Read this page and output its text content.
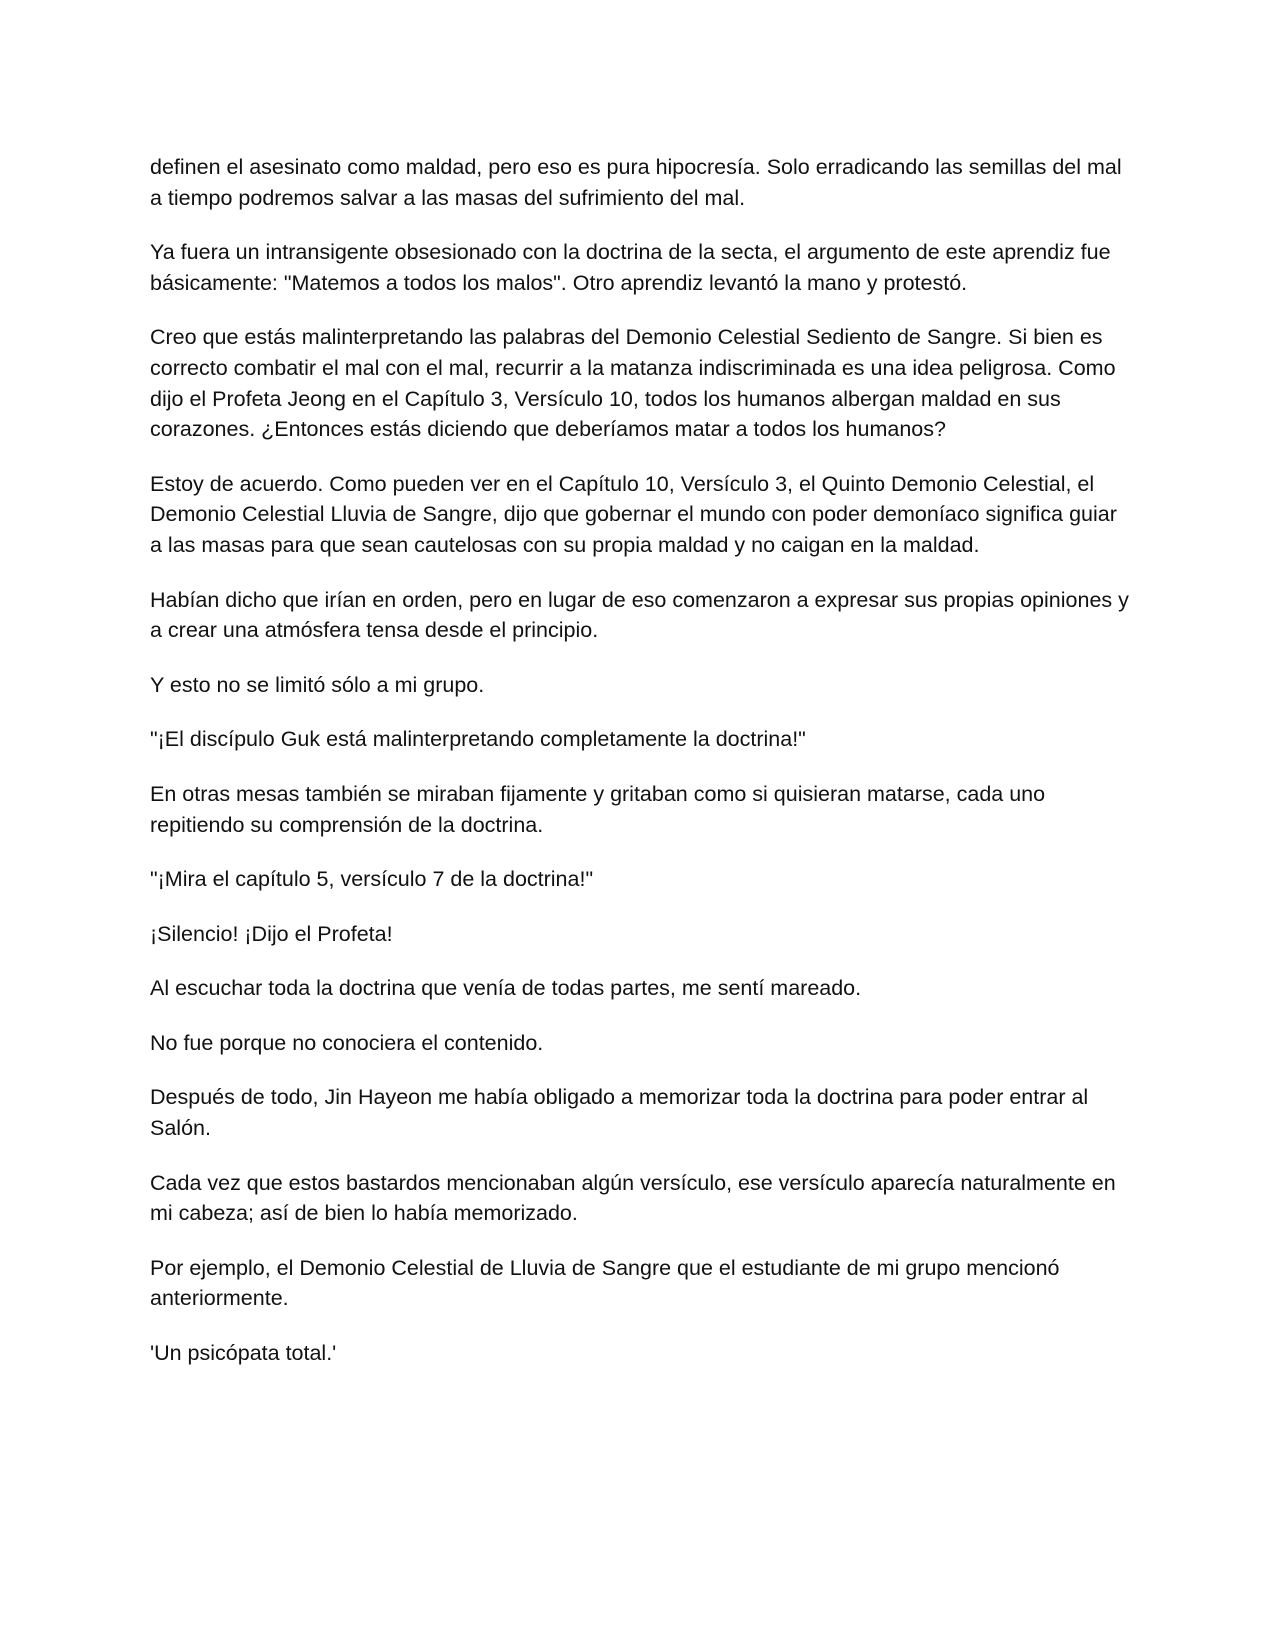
definen el asesinato como maldad, pero eso es pura hipocresía. Solo erradicando las semillas del mal a tiempo podremos salvar a las masas del sufrimiento del mal.

Ya fuera un intransigente obsesionado con la doctrina de la secta, el argumento de este aprendiz fue básicamente: "Matemos a todos los malos". Otro aprendiz levantó la mano y protestó.

Creo que estás malinterpretando las palabras del Demonio Celestial Sediento de Sangre. Si bien es correcto combatir el mal con el mal, recurrir a la matanza indiscriminada es una idea peligrosa. Como dijo el Profeta Jeong en el Capítulo 3, Versículo 10, todos los humanos albergan maldad en sus corazones. ¿Entonces estás diciendo que deberíamos matar a todos los humanos?

Estoy de acuerdo. Como pueden ver en el Capítulo 10, Versículo 3, el Quinto Demonio Celestial, el Demonio Celestial Lluvia de Sangre, dijo que gobernar el mundo con poder demoníaco significa guiar a las masas para que sean cautelosas con su propia maldad y no caigan en la maldad.

Habían dicho que irían en orden, pero en lugar de eso comenzaron a expresar sus propias opiniones y a crear una atmósfera tensa desde el principio.

Y esto no se limitó sólo a mi grupo.

"¡El discípulo Guk está malinterpretando completamente la doctrina!"

En otras mesas también se miraban fijamente y gritaban como si quisieran matarse, cada uno repitiendo su comprensión de la doctrina.

"¡Mira el capítulo 5, versículo 7 de la doctrina!"

¡Silencio! ¡Dijo el Profeta!

Al escuchar toda la doctrina que venía de todas partes, me sentí mareado.

No fue porque no conociera el contenido.

Después de todo, Jin Hayeon me había obligado a memorizar toda la doctrina para poder entrar al Salón.

Cada vez que estos bastardos mencionaban algún versículo, ese versículo aparecía naturalmente en mi cabeza; así de bien lo había memorizado.

Por ejemplo, el Demonio Celestial de Lluvia de Sangre que el estudiante de mi grupo mencionó anteriormente.

'Un psicópata total.'
